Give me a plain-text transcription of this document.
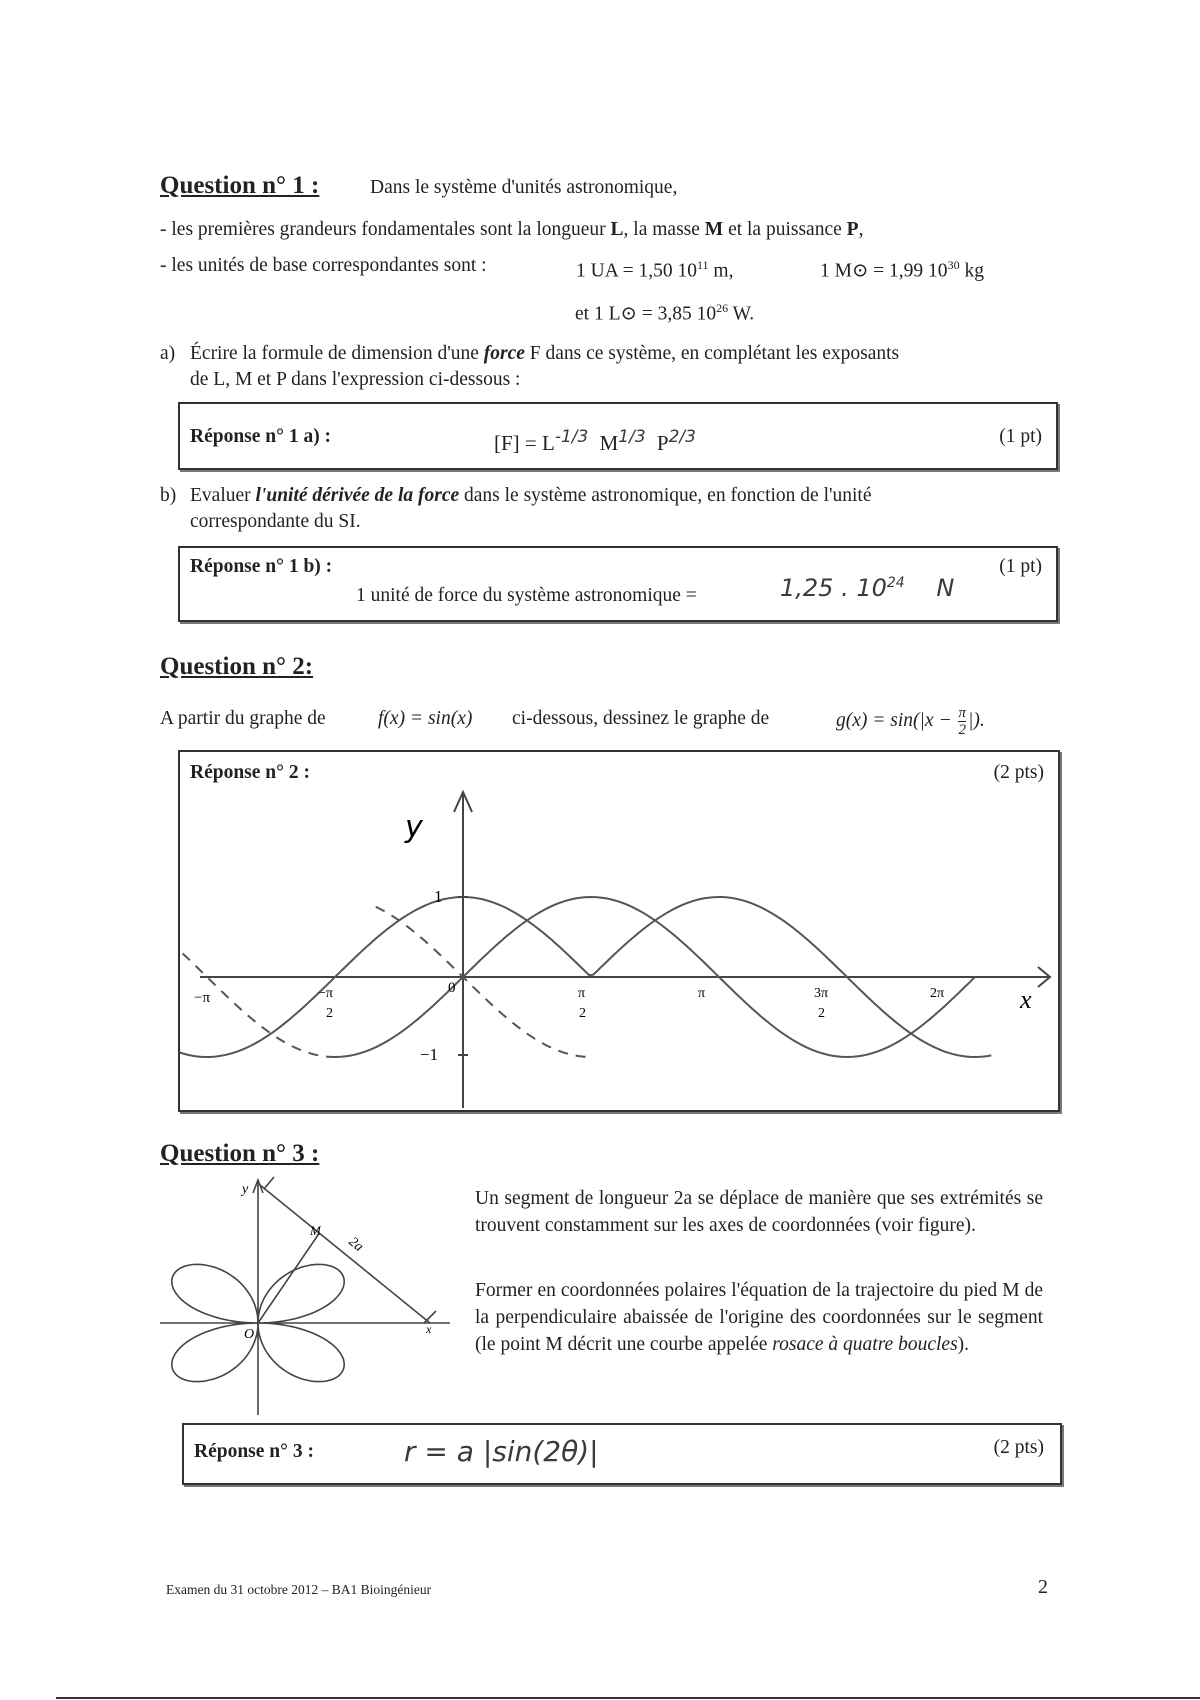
Question n° 1 :	Dans le système d'unités astronomique,
- les premières grandeurs fondamentales sont la longueur L, la masse M et la puissance P,
- les unités de base correspondantes sont :	1 UA = 1,50 $10^{11}$ m,	1 M⊙ = 1,99 $10^{30}$ kg
et 1 L⊙ = 3,85 $10^{26}$ W.
a) Écrire la formule de dimension d'une force F dans ce système, en complétant les exposants
de L, M et P dans l'expression ci-dessous :
Réponse n° 1 a) :	$[F] = L^{-1/3}$ $M^{1/3}$ $P^{2/3}$	(1 pt)
b) Evaluer l'unité dérivée de la force dans le système astronomique, en fonction de l'unité
correspondante du SI.
Réponse n° 1 b) :	(1 pt)
1 unité de force du système astronomique =	1,25 . $10^{24}$ N
Question n° 2:
A partir du graphe de	f(x) = sin(x) ci-dessous, dessinez le graphe de	$g(x) = \sin(|x - \frac{\pi}{2}$ |).
Réponse n° 2 :	(2 pts)
y
x
1
−1
0
−π	−π
2
π
2
π	3π
2
2π
Question n° 3 :
y
O
M
2a
x
Un segment de longueur 2a se déplace de manière que ses extrémités se trouvent constamment sur les axes de coordonnées (voir figure).
Former en coordonnées polaires l'équation de la trajectoire du pied M de la perpendiculaire abaissée de l'origine des coordonnées sur le segment (le point M décrit une courbe appelée rosace à quatre boucles).
Réponse n° 3 :	r = a |sin(2θ)|	(2 pts)
Examen du 31 octobre 2012 – BA1 Bioingénieur	2
